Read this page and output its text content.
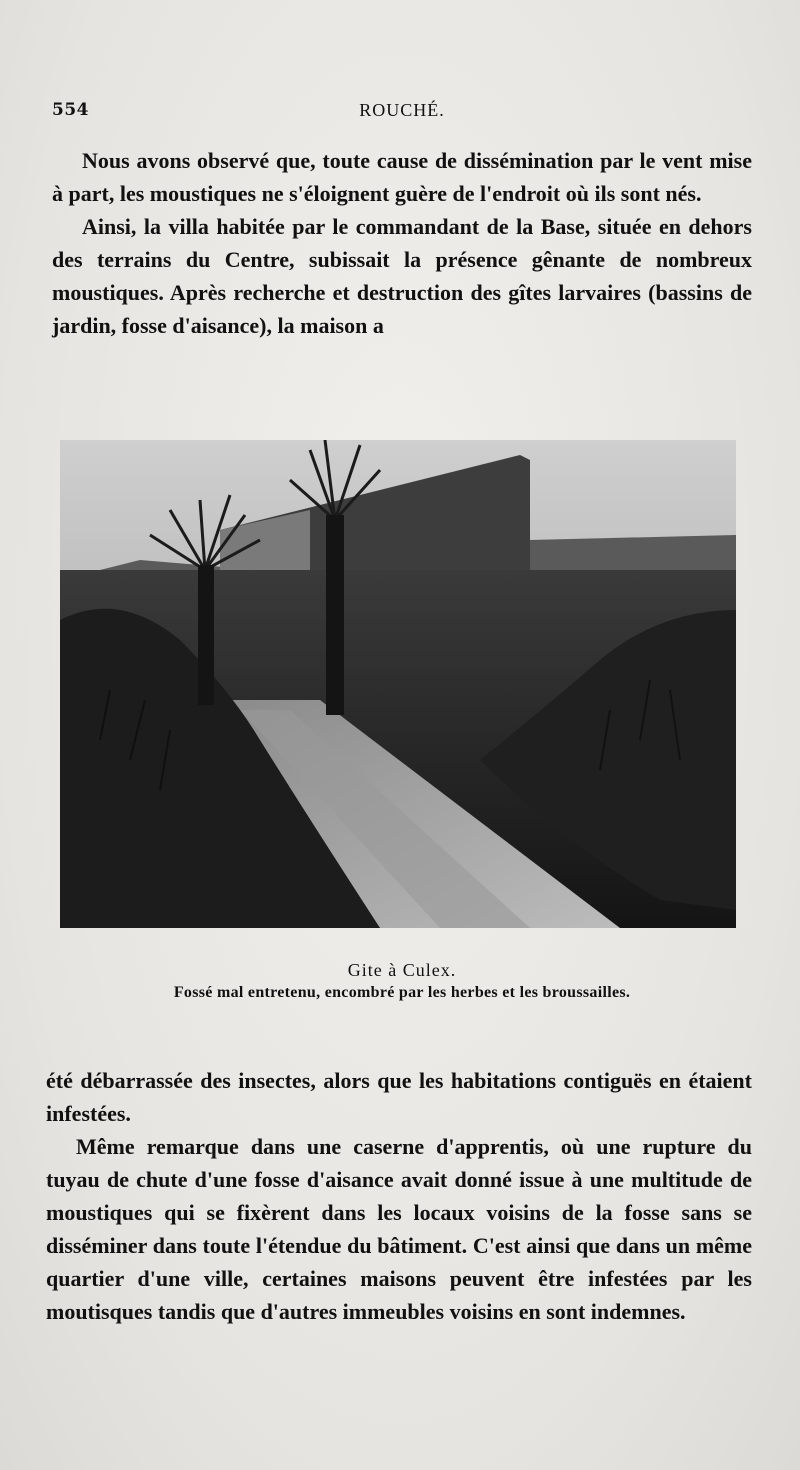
554	ROUCHÉ.

Nous avons observé que, toute cause de dissémination par le vent mise à part, les moustiques ne s'éloignent guère de l'endroit où ils sont nés.

Ainsi, la villa habitée par le commandant de la Base, située en dehors des terrains du Centre, subissait la présence gênante de nombreux moustiques. Après recherche et destruction des gîtes larvaires (bassins de jardin, fosse d'aisance), la maison a

Gite à Culex.
Fossé mal entretenu, encombré par les herbes et les broussailles.

été débarrassée des insectes, alors que les habitations contiguës en étaient infestées.

Même remarque dans une caserne d'apprentis, où une rupture du tuyau de chute d'une fosse d'aisance avait donné issue à une multitude de moustiques qui se fixèrent dans les locaux voisins de la fosse sans se disséminer dans toute l'étendue du bâtiment. C'est ainsi que dans un même quartier d'une ville, certaines maisons peuvent être infestées par les moutisques tandis que d'autres immeubles voisins en sont indemnes.
